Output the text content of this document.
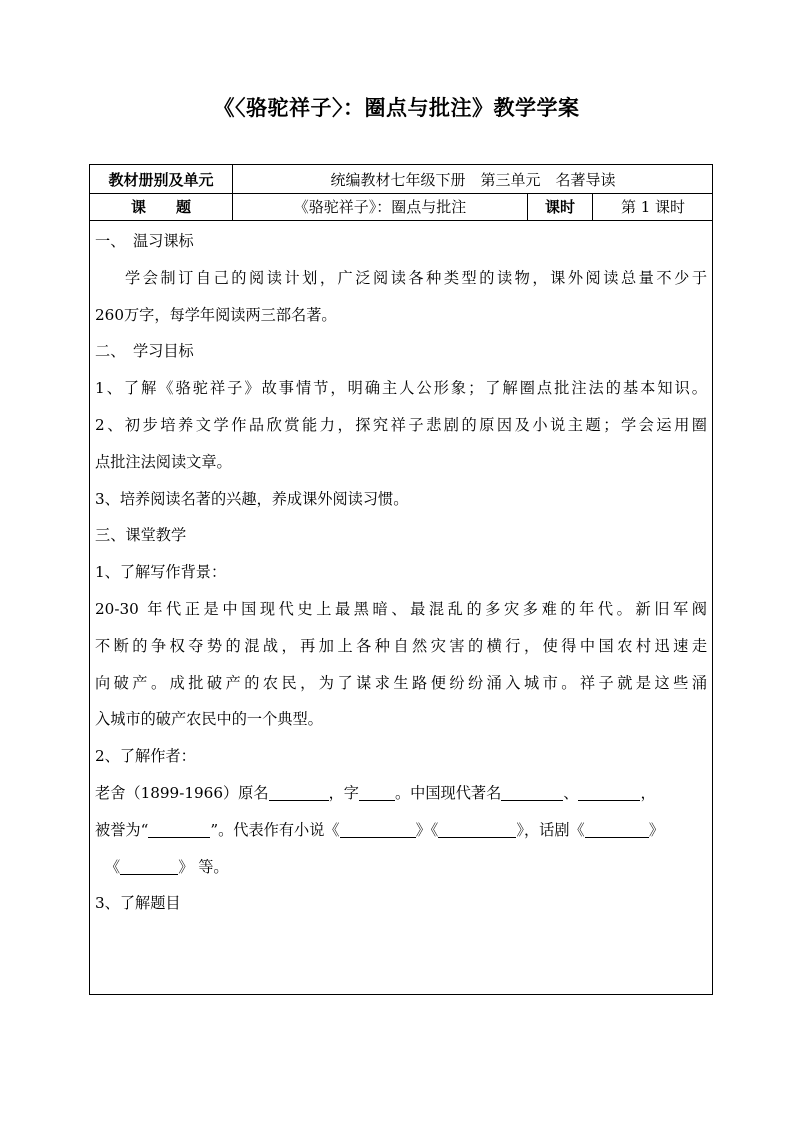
《〈骆驼祥子〉：圈点与批注》教学学案
教材册别及单元	统编教材七年级下册　第三单元　名著导读
课　　题	《骆驼祥子》：圈点与批注	课时	第 1 课时
一、　温习课标
学会制订自己的阅读计划，广泛阅读各种类型的读物，课外阅读总量不少于
260万字，每学年阅读两三部名著。
二、　学习目标
1、了解《骆驼祥子》故事情节，明确主人公形象；了解圈点批注法的基本知识。
2、初步培养文学作品欣赏能力，探究祥子悲剧的原因及小说主题；学会运用圈
点批注法阅读文章。
3、培养阅读名著的兴趣，养成课外阅读习惯。
三、课堂教学
1、了解写作背景：
20-30 年代正是中国现代史上最黑暗、最混乱的多灾多难的年代。新旧军阀
不断的争权夺势的混战，再加上各种自然灾害的横行，使得中国农村迅速走
向破产。成批破产的农民，为了谋求生路便纷纷涌入城市。祥子就是这些涌
入城市的破产农民中的一个典型。
2、了解作者：
老舍（1899-1966）原名	，字 。中国现代著名	、	，
被誉为“	”。代表作有小说《	》《	》，话剧《	》
《	》 等。
3、了解题目
